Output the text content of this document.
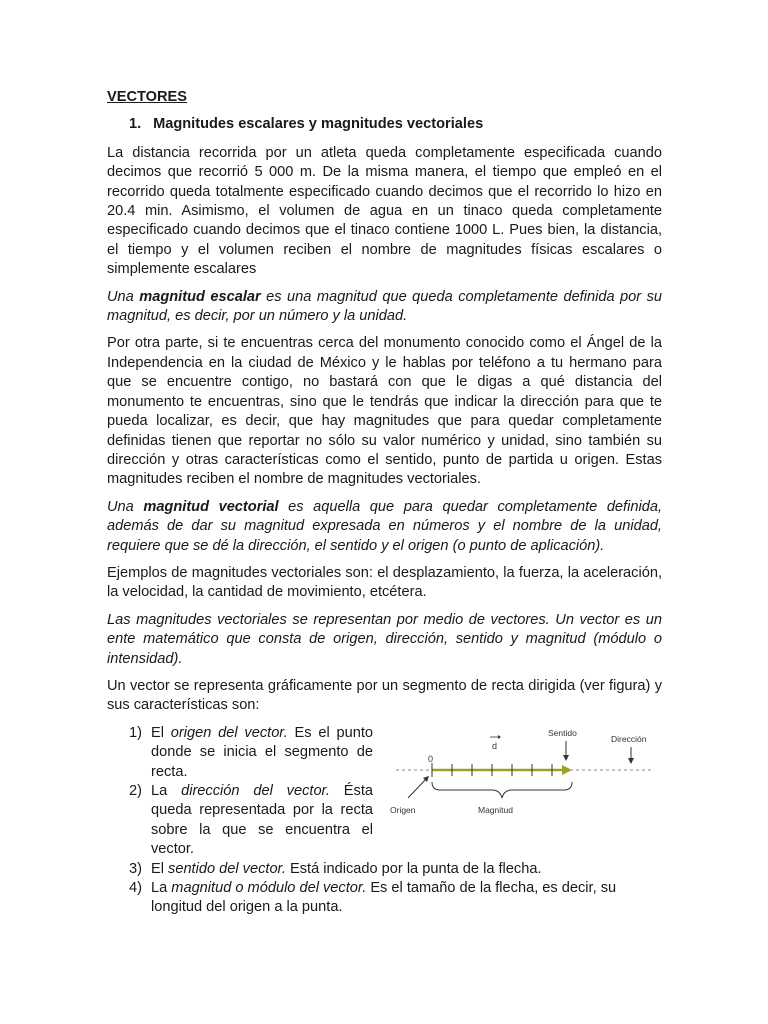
VECTORES
1. Magnitudes escalares y magnitudes vectoriales

La distancia recorrida por un atleta queda completamente especificada cuando decimos que recorrió 5 000 m. De la misma manera, el tiempo que empleó en el recorrido queda totalmente especificado cuando decimos que el recorrido lo hizo en 20.4 min. Asimismo, el volumen de agua en un tinaco queda completamente especificado cuando decimos que el tinaco contiene 1000 L. Pues bien, la distancia, el tiempo y el volumen reciben el nombre de magnitudes físicas escalares o simplemente escalares

Una magnitud escalar es una magnitud que queda completamente definida por su magnitud, es decir, por un número y la unidad.

Por otra parte, si te encuentras cerca del monumento conocido como el Ángel de la Independencia en la ciudad de México y le hablas por teléfono a tu hermano para que se encuentre contigo, no bastará con que le digas a qué distancia del monumento te encuentras, sino que le tendrás que indicar la dirección para que te pueda localizar, es decir, que hay magnitudes que para quedar completamente definidas tienen que reportar no sólo su valor numérico y unidad, sino también su dirección y otras características como el sentido, punto de partida u origen. Estas magnitudes reciben el nombre de magnitudes vectoriales.

Una magnitud vectorial es aquella que para quedar completamente definida, además de dar su magnitud expresada en números y el nombre de la unidad, requiere que se dé la dirección, el sentido y el origen (o punto de aplicación).

Ejemplos de magnitudes vectoriales son: el desplazamiento, la fuerza, la aceleración, la velocidad, la cantidad de movimiento, etcétera.

Las magnitudes vectoriales se representan por medio de vectores. Un vector es un ente matemático que consta de origen, dirección, sentido y magnitud (módulo o intensidad).

Un vector se representa gráficamente por un segmento de recta dirigida (ver figura) y sus características son:

1) El origen del vector. Es el punto donde se inicia el segmento de recta.
2) La dirección del vector. Ésta queda representada por la recta sobre la que se encuentra el vector.
3) El sentido del vector. Está indicado por la punta de la flecha.
4) La magnitud o módulo del vector. Es el tamaño de la flecha, es decir, su longitud del origen a la punta.
0
d
Sentido
Dirección
Origen	Magnitud
